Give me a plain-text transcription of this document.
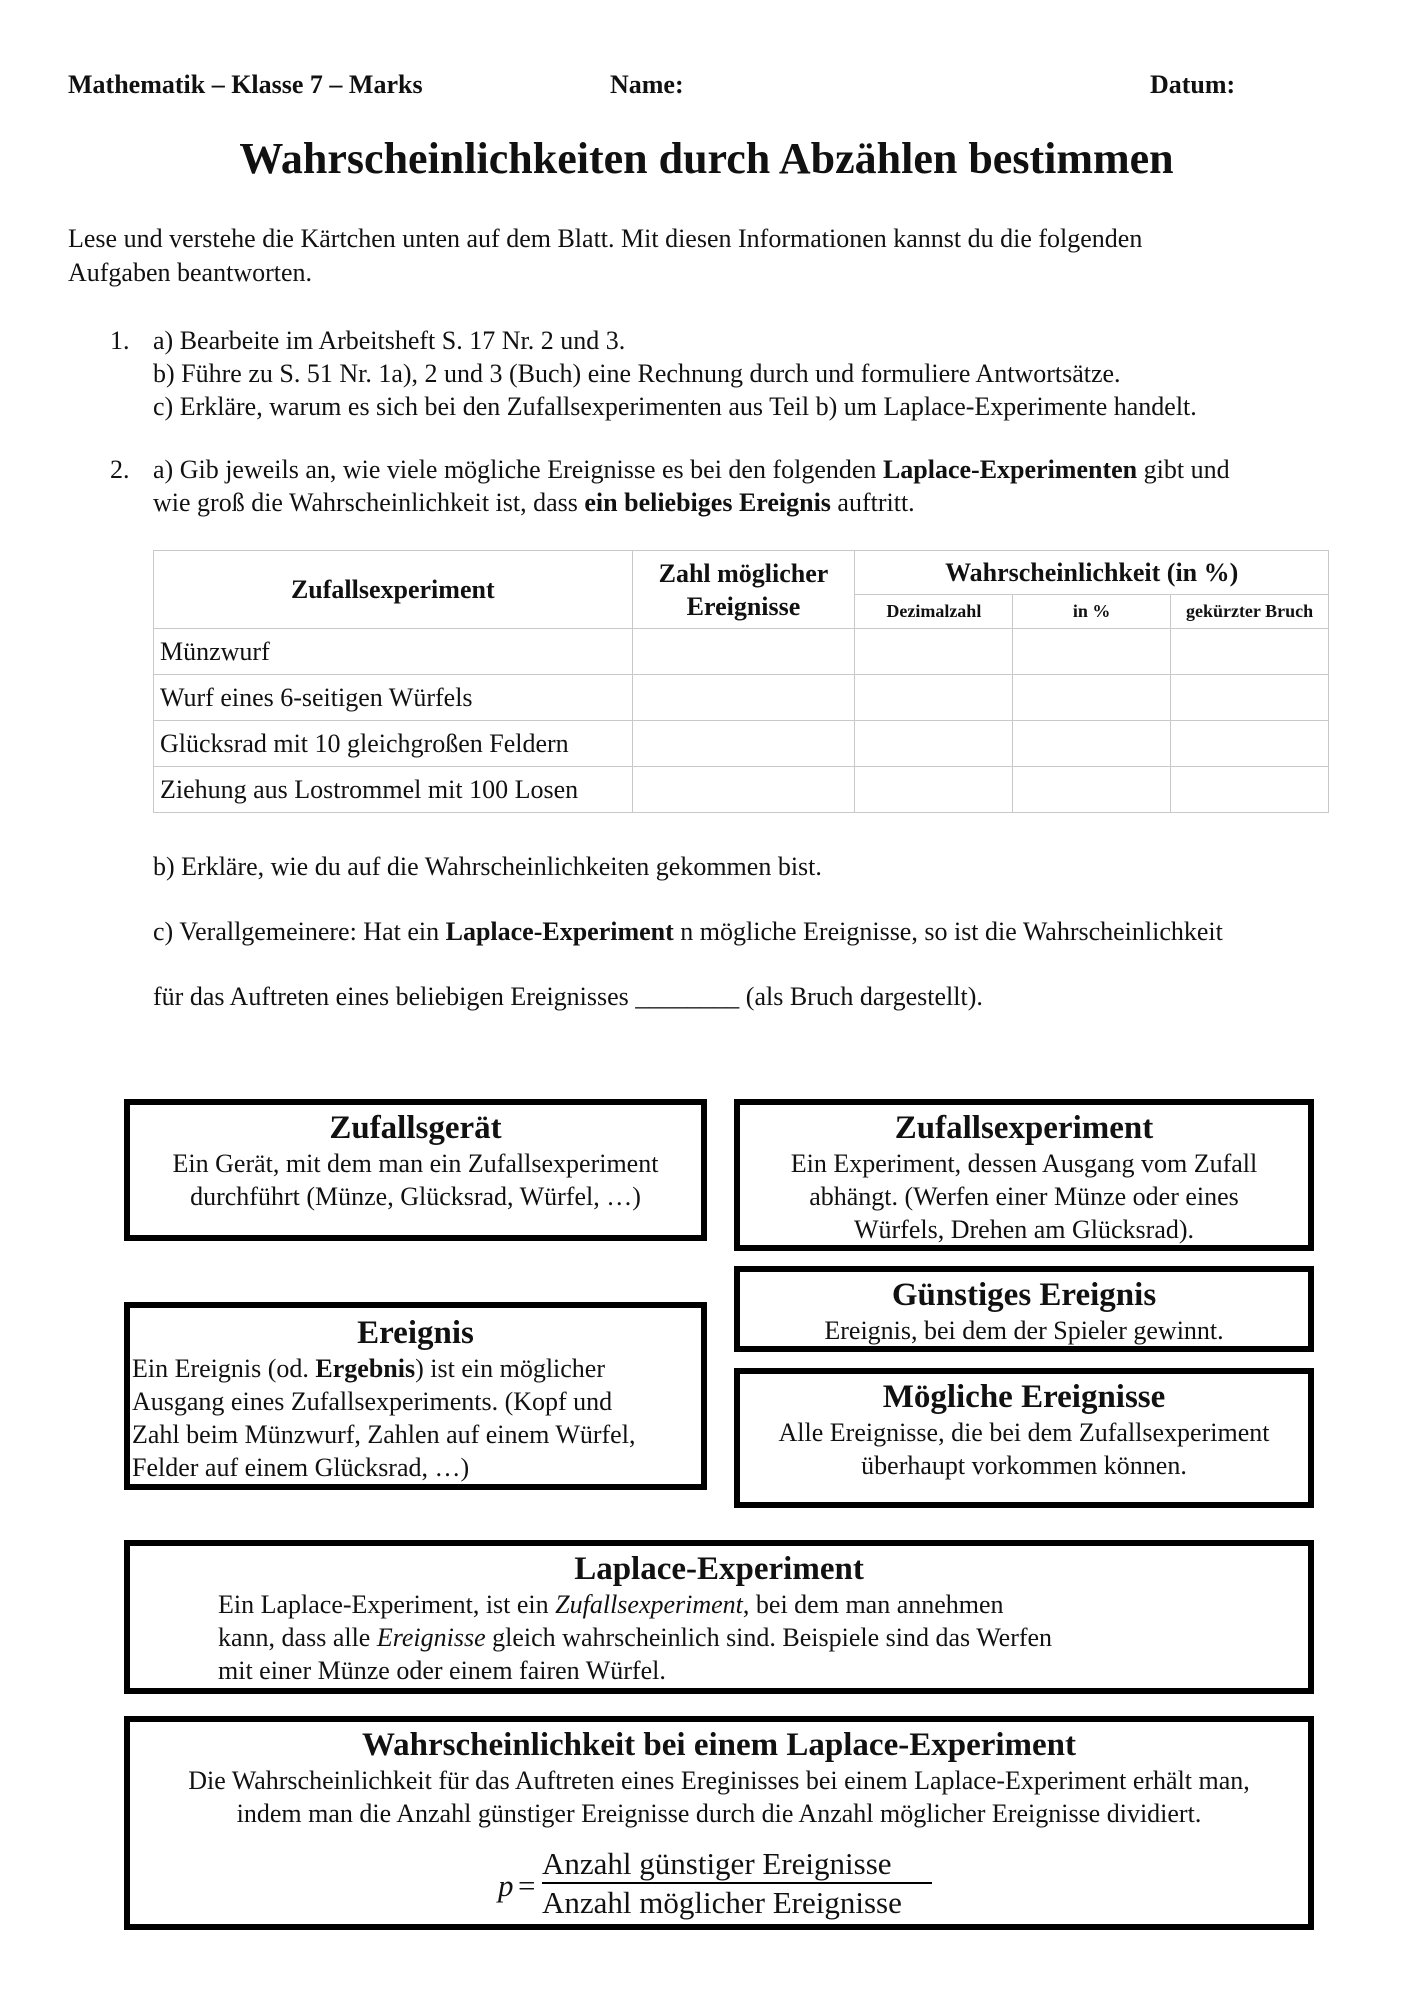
Mathematik – Klasse 7 – Marks	Name:	Datum:
Wahrscheinlichkeiten durch Abzählen bestimmen
Lese und verstehe die Kärtchen unten auf dem Blatt. Mit diesen Informationen kannst du die folgenden
Aufgaben beantworten.
1. a) Bearbeite im Arbeitsheft S. 17 Nr. 2 und 3.
b) Führe zu S. 51 Nr. 1a), 2 und 3 (Buch) eine Rechnung durch und formuliere Antwortsätze.
c) Erkläre, warum es sich bei den Zufallsexperimenten aus Teil b) um Laplace-Experimente handelt.
2. a) Gib jeweils an, wie viele mögliche Ereignisse es bei den folgenden Laplace-Experimenten gibt und
wie groß die Wahrscheinlichkeit ist, dass ein beliebiges Ereignis auftritt.
Zufallsexperiment	Zahl möglicher Ereignisse	Wahrscheinlichkeit (in %)		
		Dezimalzahl	in %	gekürzter Bruch
Münzwurf				
Wurf eines 6-seitigen Würfels				
Glücksrad mit 10 gleichgroßen Feldern				
Ziehung aus Lostrommel mit 100 Losen				
b) Erkläre, wie du auf die Wahrscheinlichkeiten gekommen bist.
c) Verallgemeinere: Hat ein Laplace-Experiment n mögliche Ereignisse, so ist die Wahrscheinlichkeit
für das Auftreten eines beliebigen Ereignisses ________ (als Bruch dargestellt).
Zufallsgerät
Ein Gerät, mit dem man ein Zufallsexperiment
durchführt (Münze, Glücksrad, Würfel, …)
Zufallsexperiment
Ein Experiment, dessen Ausgang vom Zufall
abhängt. (Werfen einer Münze oder eines
Würfels, Drehen am Glücksrad).
Günstiges Ereignis
Ereignis, bei dem der Spieler gewinnt.
Ereignis
Ein Ereignis (od. Ergebnis) ist ein möglicher
Ausgang eines Zufallsexperiments. (Kopf und
Zahl beim Münzwurf, Zahlen auf einem Würfel,
Felder auf einem Glücksrad, …)
Mögliche Ereignisse
Alle Ereignisse, die bei dem Zufallsexperiment
überhaupt vorkommen können.
Laplace-Experiment
Ein Laplace-Experiment, ist ein Zufallsexperiment, bei dem man annehmen
kann, dass alle Ereignisse gleich wahrscheinlich sind. Beispiele sind das Werfen
mit einer Münze oder einem fairen Würfel.
Wahrscheinlichkeit bei einem Laplace-Experiment
Die Wahrscheinlichkeit für das Auftreten eines Ereginisses bei einem Laplace-Experiment erhält man,
indem man die Anzahl günstiger Ereignisse durch die Anzahl möglicher Ereignisse dividiert.
p =
Anzahl günstiger Ereignisse
Anzahl möglicher Ereignisse
